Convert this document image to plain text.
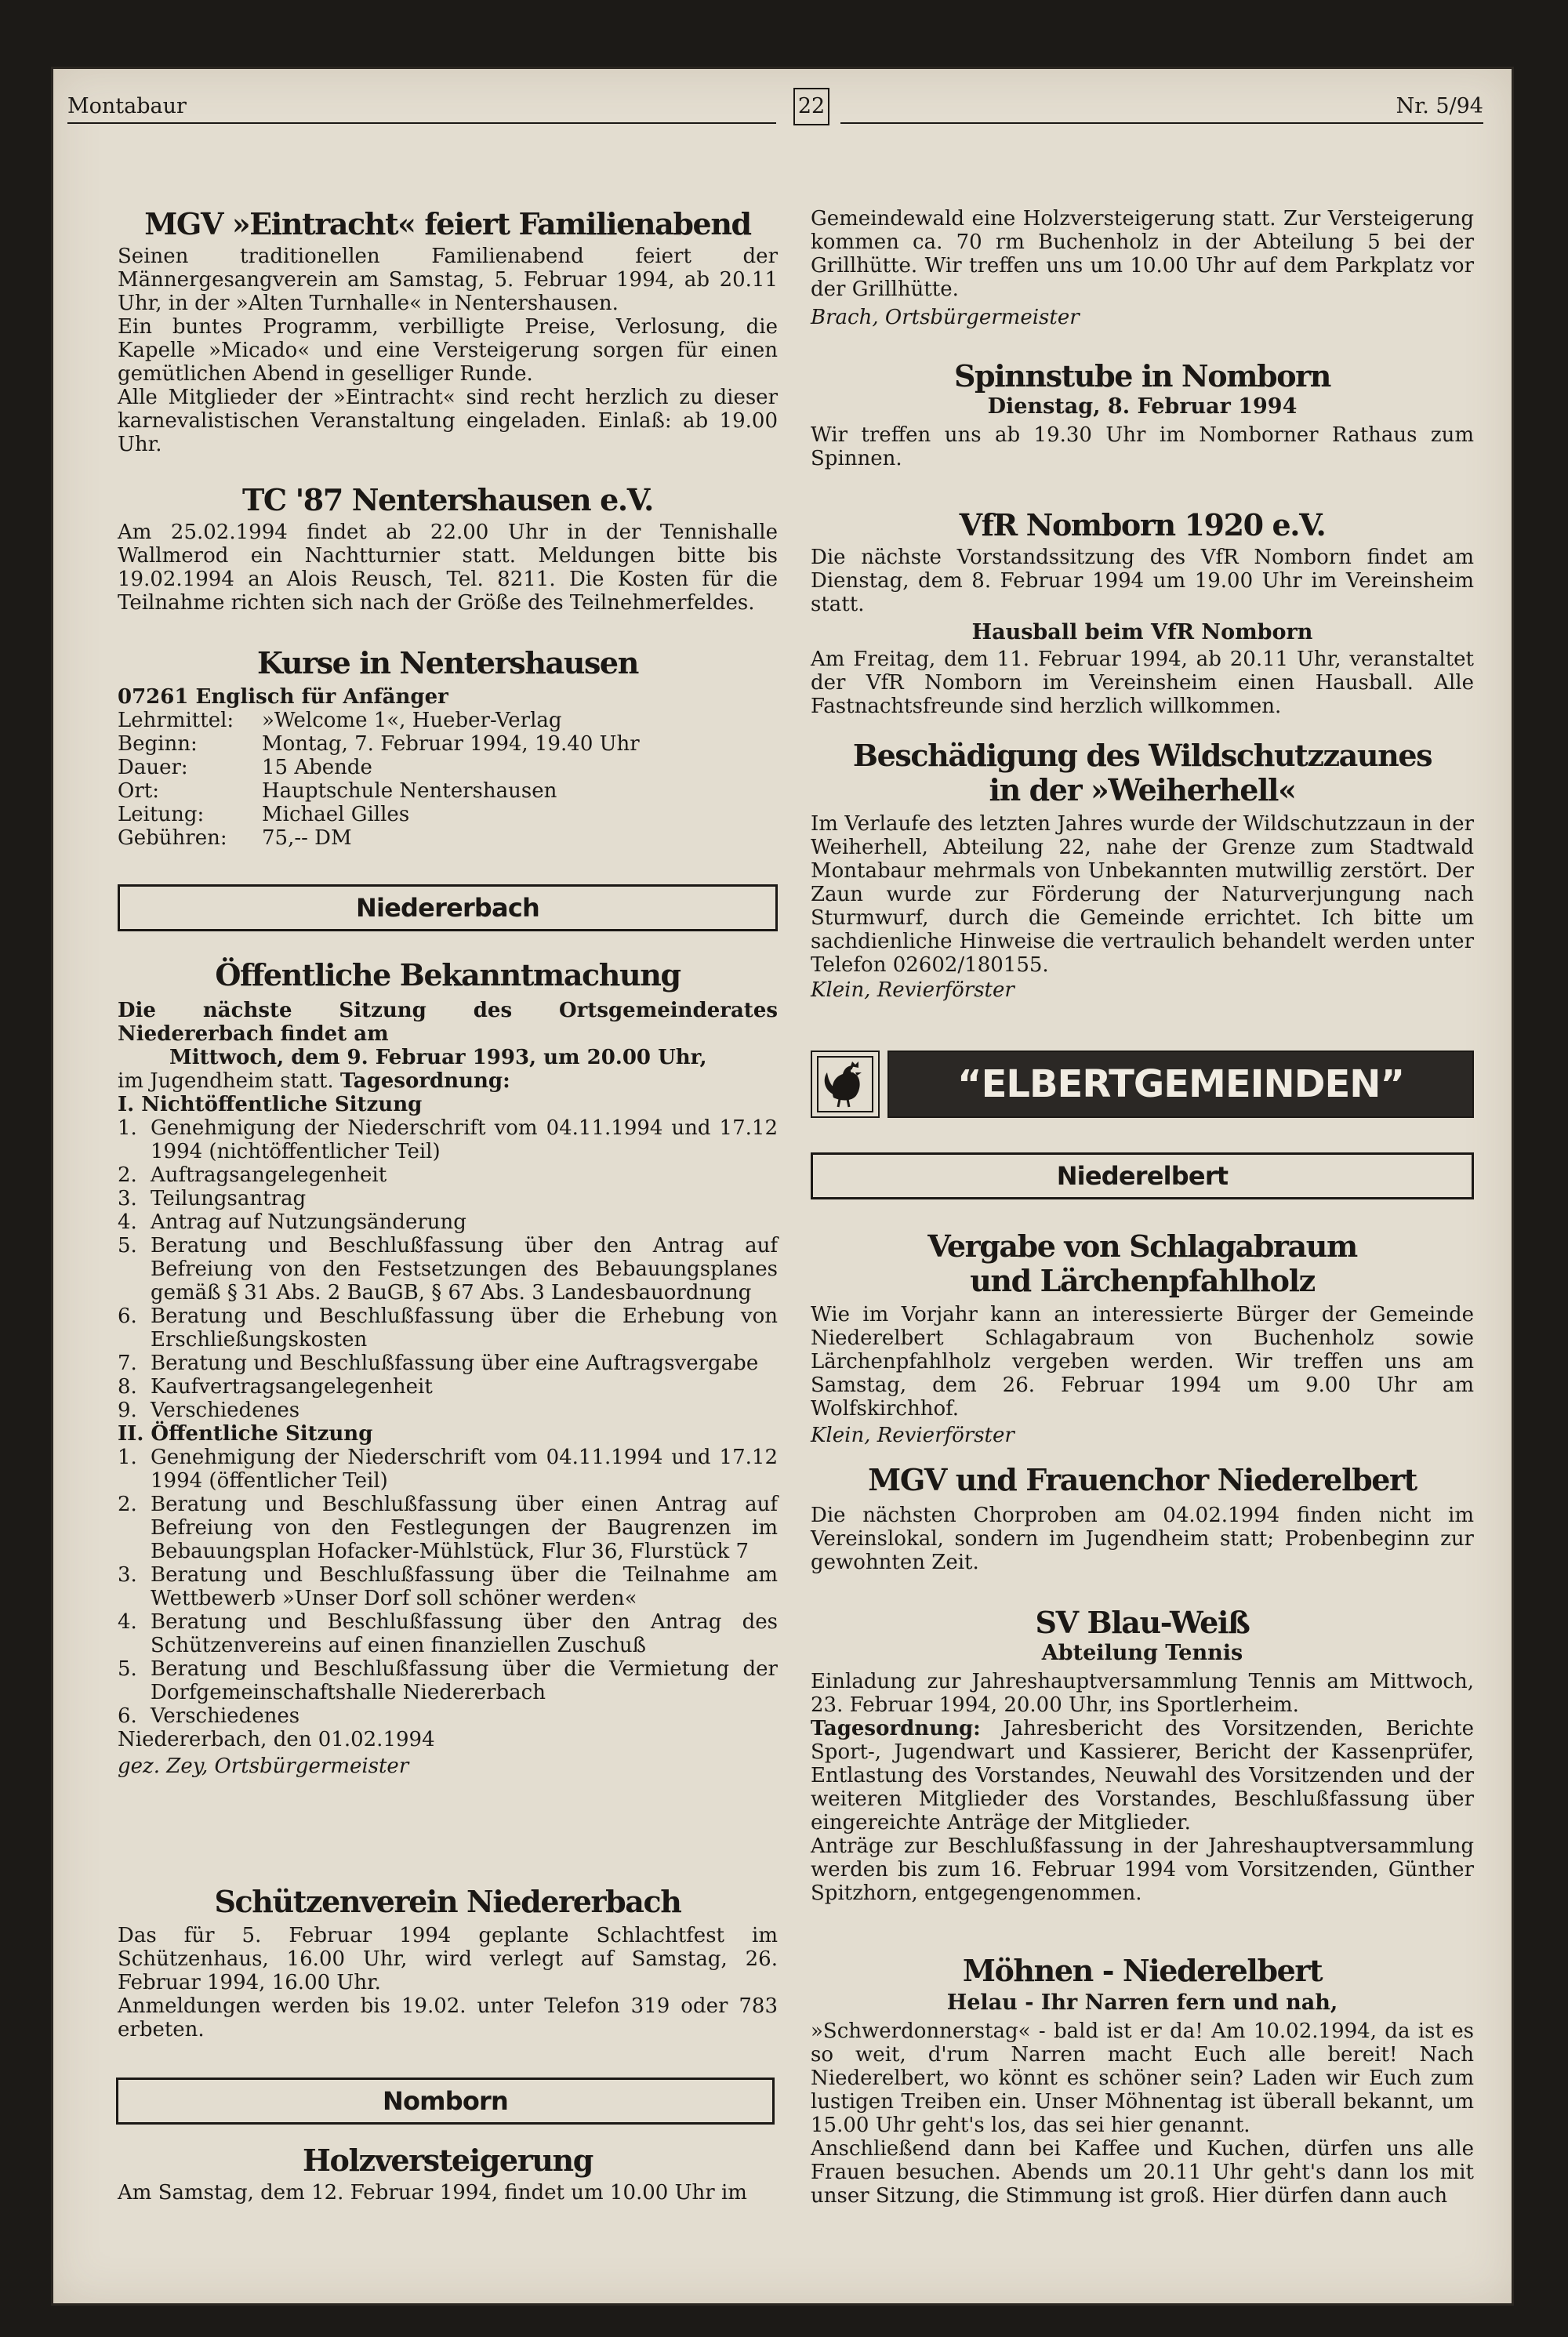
Montabaur	22	Nr. 5/94
MGV »Eintracht« feiert Familienabend

Seinen traditionellen Familienabend feiert der Männergesangverein am Samstag, 5. Februar 1994, ab 20.11 Uhr, in der »Alten Turnhalle« in Nentershausen.

Ein buntes Programm, verbilligte Preise, Verlosung, die Kapelle »Micado« und eine Versteigerung sorgen für einen gemütlichen Abend in geselliger Runde.

Alle Mitglieder der »Eintracht« sind recht herzlich zu dieser karnevalistischen Veranstaltung eingeladen. Einlaß: ab 19.00 Uhr.

TC '87 Nentershausen e.V.

Am 25.02.1994 findet ab 22.00 Uhr in der Tennishalle Wallmerod ein Nachtturnier statt. Meldungen bitte bis 19.02.1994 an Alois Reusch, Tel. 8211. Die Kosten für die Teilnahme richten sich nach der Größe des Teilnehmerfeldes.

Kurse in Nentershausen

07261 Englisch für Anfänger

Lehrmittel:	»Welcome 1«, Hueber-Verlag
Beginn:	Montag, 7. Februar 1994, 19.40 Uhr
Dauer:	15 Abende
Ort:	Hauptschule Nentershausen
Leitung:	Michael Gilles
Gebühren:	75,-- DM
Niedererbach
Öffentliche Bekanntmachung

Die nächste Sitzung des Ortsgemeinderates Niedererbach findet am

Mittwoch, dem 9. Februar 1993, um 20.00 Uhr,

im Jugendheim statt. Tagesordnung:

I. Nichtöffentliche Sitzung

1. Genehmigung der Niederschrift vom 04.11.1994 und 17.12 1994 (nichtöffentlicher Teil)
2. Auftragsangelegenheit
3. Teilungsantrag
4. Antrag auf Nutzungsänderung
5. Beratung und Beschlußfassung über den Antrag auf Befreiung von den Festsetzungen des Bebauungsplanes gemäß § 31 Abs. 2 BauGB, § 67 Abs. 3 Landesbauordnung
6. Beratung und Beschlußfassung über die Erhebung von Erschließungskosten
7. Beratung und Beschlußfassung über eine Auftragsvergabe
8. Kaufvertragsangelegenheit
9. Verschiedenes

II. Öffentliche Sitzung

1. Genehmigung der Niederschrift vom 04.11.1994 und 17.12 1994 (öffentlicher Teil)
2. Beratung und Beschlußfassung über einen Antrag auf Befreiung von den Festlegungen der Baugrenzen im Bebauungsplan Hofacker-Mühlstück, Flur 36, Flurstück 7
3. Beratung und Beschlußfassung über die Teilnahme am Wettbewerb »Unser Dorf soll schöner werden«
4. Beratung und Beschlußfassung über den Antrag des Schützenvereins auf einen finanziellen Zuschuß
5. Beratung und Beschlußfassung über die Vermietung der Dorfgemeinschaftshalle Niedererbach
6. Verschiedenes

Niedererbach, den 01.02.1994

gez. Zey, Ortsbürgermeister

Schützenverein Niedererbach

Das für 5. Februar 1994 geplante Schlachtfest im Schützenhaus, 16.00 Uhr, wird verlegt auf Samstag, 26. Februar 1994, 16.00 Uhr.

Anmeldungen werden bis 19.02. unter Telefon 319 oder 783 erbeten.

Nomborn
Holzversteigerung

Am Samstag, dem 12. Februar 1994, findet um 10.00 Uhr im

Gemeindewald eine Holzversteigerung statt. Zur Versteigerung kommen ca. 70 rm Buchenholz in der Abteilung 5 bei der Grillhütte. Wir treffen uns um 10.00 Uhr auf dem Parkplatz vor der Grillhütte.

Brach, Ortsbürgermeister

Spinnstube in Nomborn
Dienstag, 8. Februar 1994

Wir treffen uns ab 19.30 Uhr im Nomborner Rathaus zum Spinnen.

VfR Nomborn 1920 e.V.

Die nächste Vorstandssitzung des VfR Nomborn findet am Dienstag, dem 8. Februar 1994 um 19.00 Uhr im Vereinsheim statt.

Hausball beim VfR Nomborn

Am Freitag, dem 11. Februar 1994, ab 20.11 Uhr, veranstaltet der VfR Nomborn im Vereinsheim einen Hausball. Alle Fastnachtsfreunde sind herzlich willkommen.

Beschädigung des Wildschutzzaunes
in der »Weiherhell«

Im Verlaufe des letzten Jahres wurde der Wildschutzzaun in der Weiherhell, Abteilung 22, nahe der Grenze zum Stadtwald Montabaur mehrmals von Unbekannten mutwillig zerstört. Der Zaun wurde zur Förderung der Naturverjungung nach Sturmwurf, durch die Gemeinde errichtet. Ich bitte um sachdienliche Hinweise die vertraulich behandelt werden unter Telefon 02602/180155.

Klein, Revierförster

“ELBERTGEMEINDEN”
Niederelbert
Vergabe von Schlagabraum
und Lärchenpfahlholz

Wie im Vorjahr kann an interessierte Bürger der Gemeinde Niederelbert Schlagabraum von Buchenholz sowie Lärchenpfahlholz vergeben werden. Wir treffen uns am Samstag, dem 26. Februar 1994 um 9.00 Uhr am Wolfskirchhof.

Klein, Revierförster

MGV und Frauenchor Niederelbert

Die nächsten Chorproben am 04.02.1994 finden nicht im Vereinslokal, sondern im Jugendheim statt; Probenbeginn zur gewohnten Zeit.

SV Blau-Weiß
Abteilung Tennis

Einladung zur Jahreshauptversammlung Tennis am Mittwoch, 23. Februar 1994, 20.00 Uhr, ins Sportlerheim.

Tagesordnung: Jahresbericht des Vorsitzenden, Berichte Sport-, Jugendwart und Kassierer, Bericht der Kassenprüfer, Entlastung des Vorstandes, Neuwahl des Vorsitzenden und der weiteren Mitglieder des Vorstandes, Beschlußfassung über eingereichte Anträge der Mitglieder.

Anträge zur Beschlußfassung in der Jahreshauptversammlung werden bis zum 16. Februar 1994 vom Vorsitzenden, Günther Spitzhorn, entgegengenommen.

Möhnen - Niederelbert
Helau - Ihr Narren fern und nah,

»Schwerdonnerstag« - bald ist er da! Am 10.02.1994, da ist es so weit, d'rum Narren macht Euch alle bereit! Nach Niederelbert, wo könnt es schöner sein? Laden wir Euch zum lustigen Treiben ein. Unser Möhnentag ist überall bekannt, um 15.00 Uhr geht's los, das sei hier genannt.

Anschließend dann bei Kaffee und Kuchen, dürfen uns alle Frauen besuchen. Abends um 20.11 Uhr geht's dann los mit unser Sitzung, die Stimmung ist groß. Hier dürfen dann auch
